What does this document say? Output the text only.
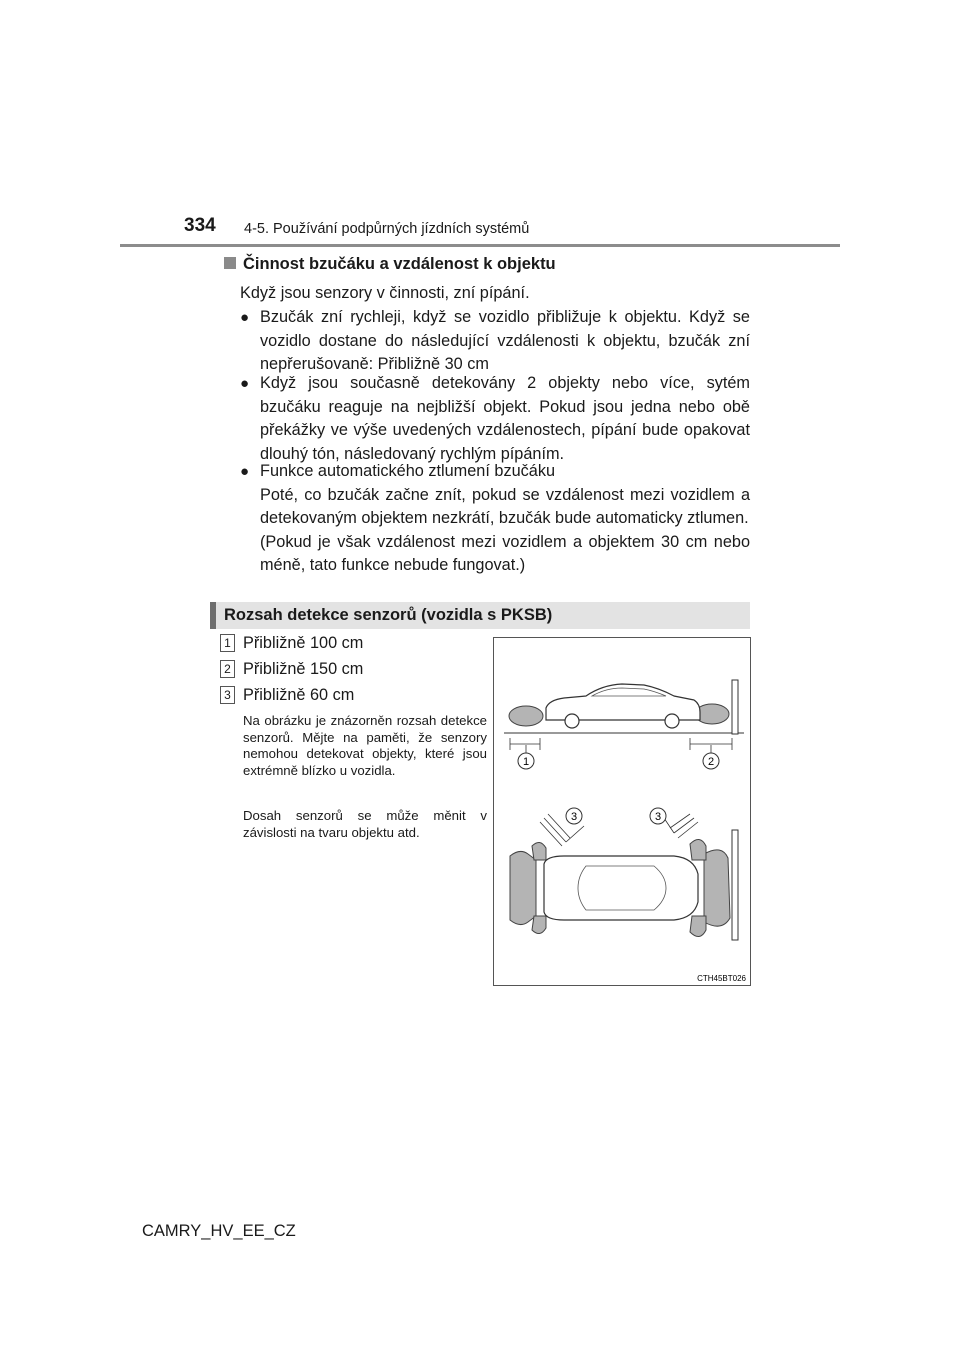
334 4-5. Používání podpůrných jízdních systémů
Činnost bzučáku a vzdálenost k objektu

Když jsou senzory v činnosti, zní pípání.

● Bzučák zní rychleji, když se vozidlo přibližuje k objektu. Když se vozidlo dostane do následující vzdálenosti k objektu, bzučák zní nepřerušovaně: Přibližně 30 cm
● Když jsou současně detekovány 2 objekty nebo více, sytém bzučáku reaguje na nejbližší objekt. Pokud jsou jedna nebo obě překážky ve výše uvedených vzdálenostech, pípání bude opakovat dlouhý tón, následovaný rychlým pípáním.
● Funkce automatického ztlumení bzučáku
Poté, co bzučák začne znít, pokud se vzdálenost mezi vozidlem a detekovaným objektem nezkrátí, bzučák bude automaticky ztlumen.
(Pokud je však vzdálenost mezi vozidlem a objektem 30 cm nebo méně, tato funkce nebude fungovat.)
Rozsah detekce senzorů (vozidla s PKSB)
1 Přibližně 100 cm
2 Přibližně 150 cm
3 Přibližně 60 cm
Na obrázku je znázorněn rozsah detekce senzorů. Mějte na paměti, že senzory nemohou detekovat objekty, které jsou extrémně blízko u vozidla.
Dosah senzorů se může měnit v závislosti na tvaru objektu atd.
1	2
3	3
CTH45BT026
CAMRY_HV_EE_CZ
